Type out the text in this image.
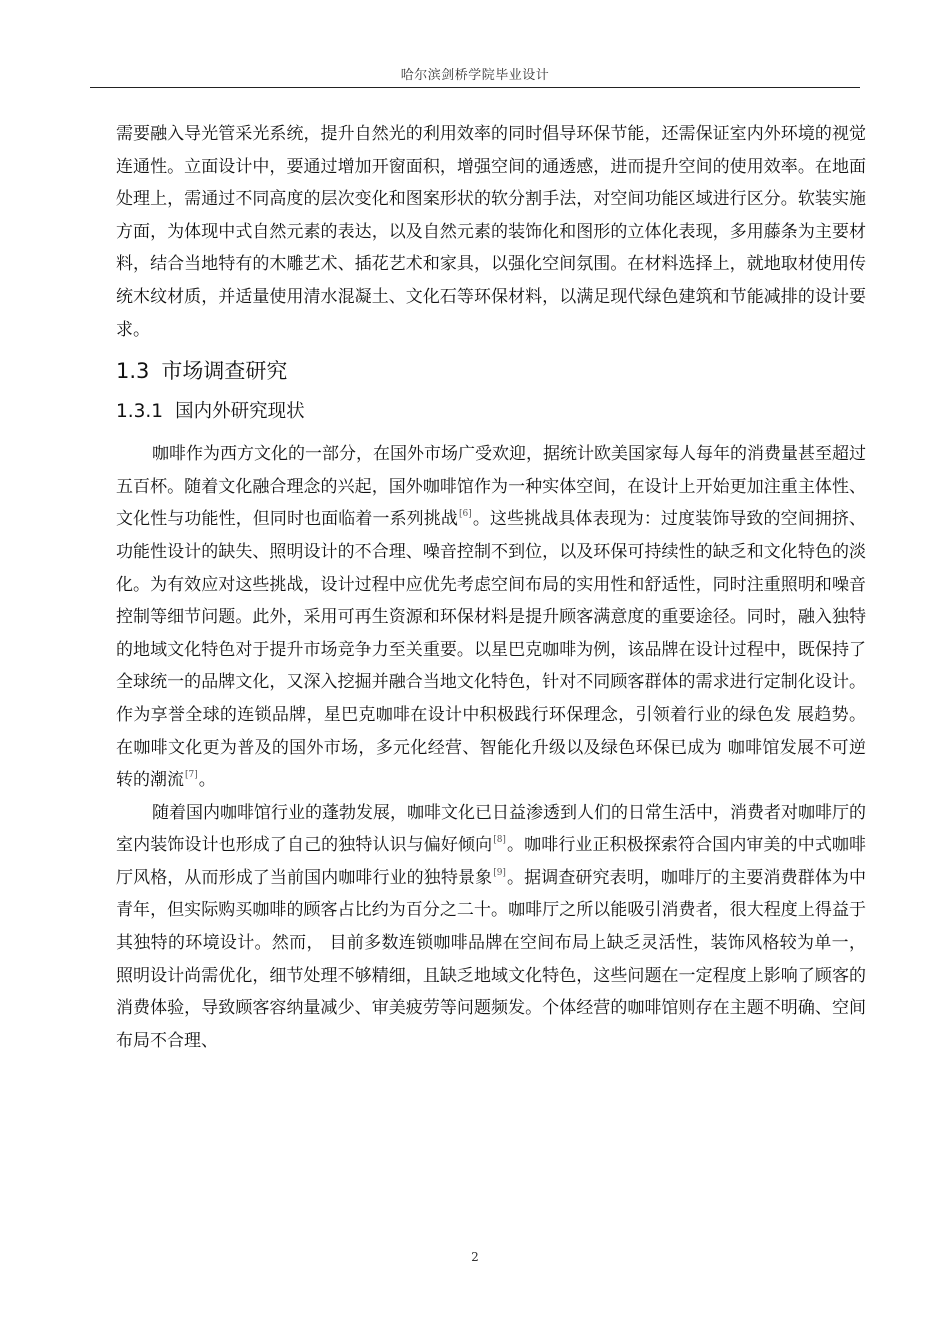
哈尔滨剑桥学院毕业设计

需要融入导光管采光系统，提升自然光的利用效率的同时倡导环保节能，还需保证室内外环境的视觉连通性。立面设计中，要通过增加开窗面积，增强空间的通透感，进而提升空间的使用效率。在地面处理上，需通过不同高度的层次变化和图案形状的软分割手法，对空间功能区域进行区分。软装实施方面，为体现中式自然元素的表达，以及自然元素的装饰化和图形的立体化表现，多用藤条为主要材料，结合当地特有的木雕艺术、插花艺术和家具，以强化空间氛围。在材料选择上，就地取材使用传统木纹材质，并适量使用清水混凝土、文化石等环保材料，以满足现代绿色建筑和节能减排的设计要求。

1.3 市场调查研究
1.3.1 国内外研究现状

咖啡作为西方文化的一部分，在国外市场广受欢迎，据统计欧美国家每人每年的消费量甚至超过五百杯。随着文化融合理念的兴起，国外咖啡馆作为一种实体空间，在设计上开始更加注重主体性、文化性与功能性，但同时也面临着一系列挑战[6]。这些挑战具体表现为：过度装饰导致的空间拥挤、功能性设计的缺失、照明设计的不合理、噪音控制不到位，以及环保可持续性的缺乏和文化特色的淡化。为有效应对这些挑战，设计过程中应优先考虑空间布局的实用性和舒适性，同时注重照明和噪音控制等细节问题。此外，采用可再生资源和环保材料是提升顾客满意度的重要途径。同时，融入独特的地域文化特色对于提升市场竞争力至关重要。以星巴克咖啡为例，该品牌在设计过程中，既保持了全球统一的品牌文化，又深入挖掘并融合当地文化特色，针对不同顾客群体的需求进行定制化设计。 作为享誉全球的连锁品牌，星巴克咖啡在设计中积极践行环保理念，引领着行业的绿色发 展趋势。在咖啡文化更为普及的国外市场，多元化经营、智能化升级以及绿色环保已成为 咖啡馆发展不可逆转的潮流[7]。

随着国内咖啡馆行业的蓬勃发展，咖啡文化已日益渗透到人们的日常生活中，消费者对咖啡厅的室内装饰设计也形成了自己的独特认识与偏好倾向[8]。咖啡行业正积极探索符合国内审美的中式咖啡厅风格，从而形成了当前国内咖啡行业的独特景象[9]。据调查研究表明，咖啡厅的主要消费群体为中青年，但实际购买咖啡的顾客占比约为百分之二十。咖啡厅之所以能吸引消费者，很大程度上得益于其独特的环境设计。然而， 目前多数连锁咖啡品牌在空间布局上缺乏灵活性，装饰风格较为单一，照明设计尚需优化，细节处理不够精细，且缺乏地域文化特色，这些问题在一定程度上影响了顾客的消费体验，导致顾客容纳量减少、审美疲劳等问题频发。个体经营的咖啡馆则存在主题不明确、空间布局不合理、

2
